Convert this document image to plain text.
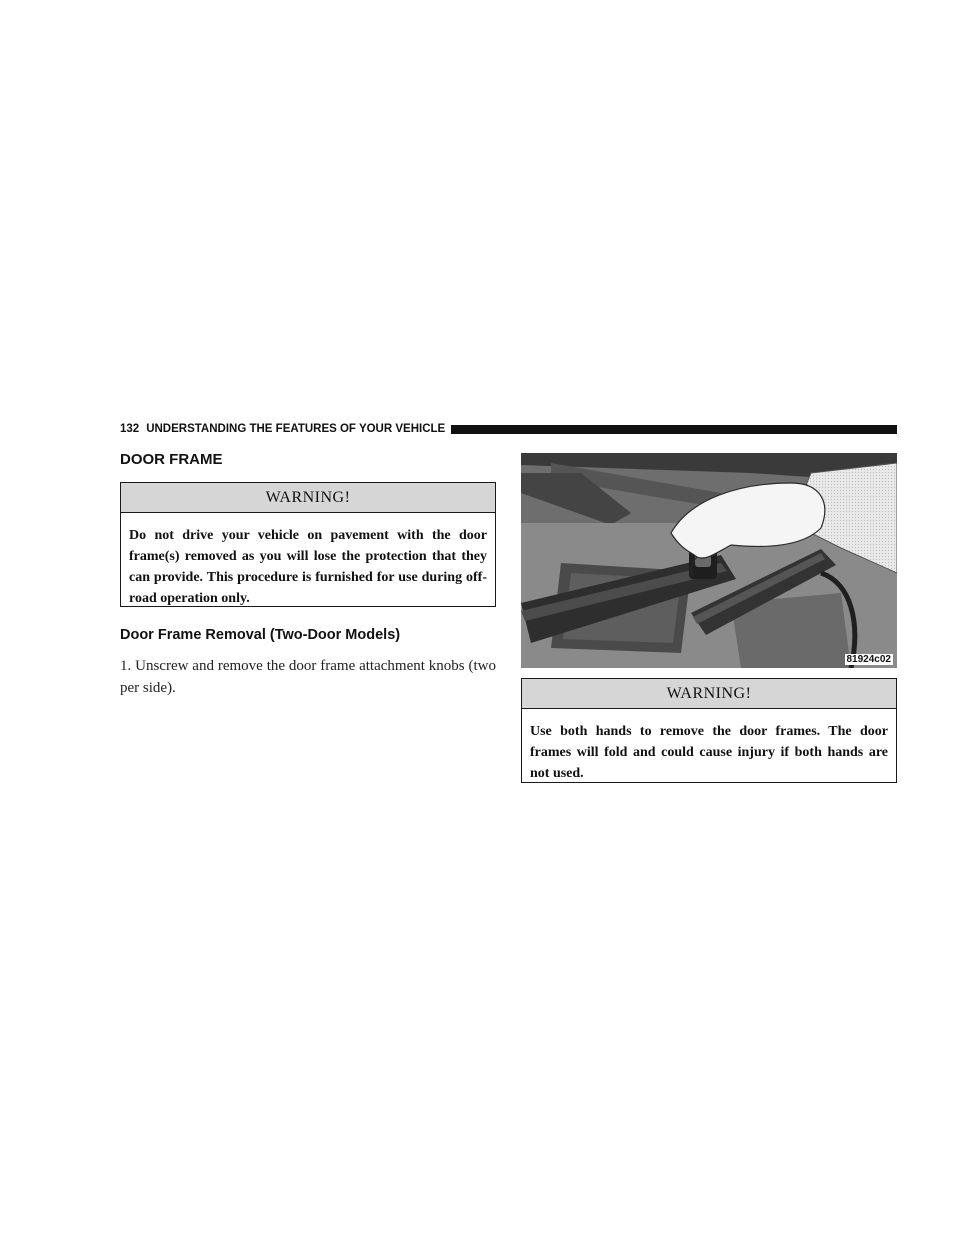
132 UNDERSTANDING THE FEATURES OF YOUR VEHICLE
DOOR FRAME
WARNING!
Do not drive your vehicle on pavement with the door frame(s) removed as you will lose the protection that they can provide. This procedure is furnished for use during off-road operation only.
Door Frame Removal (Two-Door Models)
1. Unscrew and remove the door frame attachment knobs (two per side).
81924c02
WARNING!
Use both hands to remove the door frames. The door frames will fold and could cause injury if both hands are not used.
